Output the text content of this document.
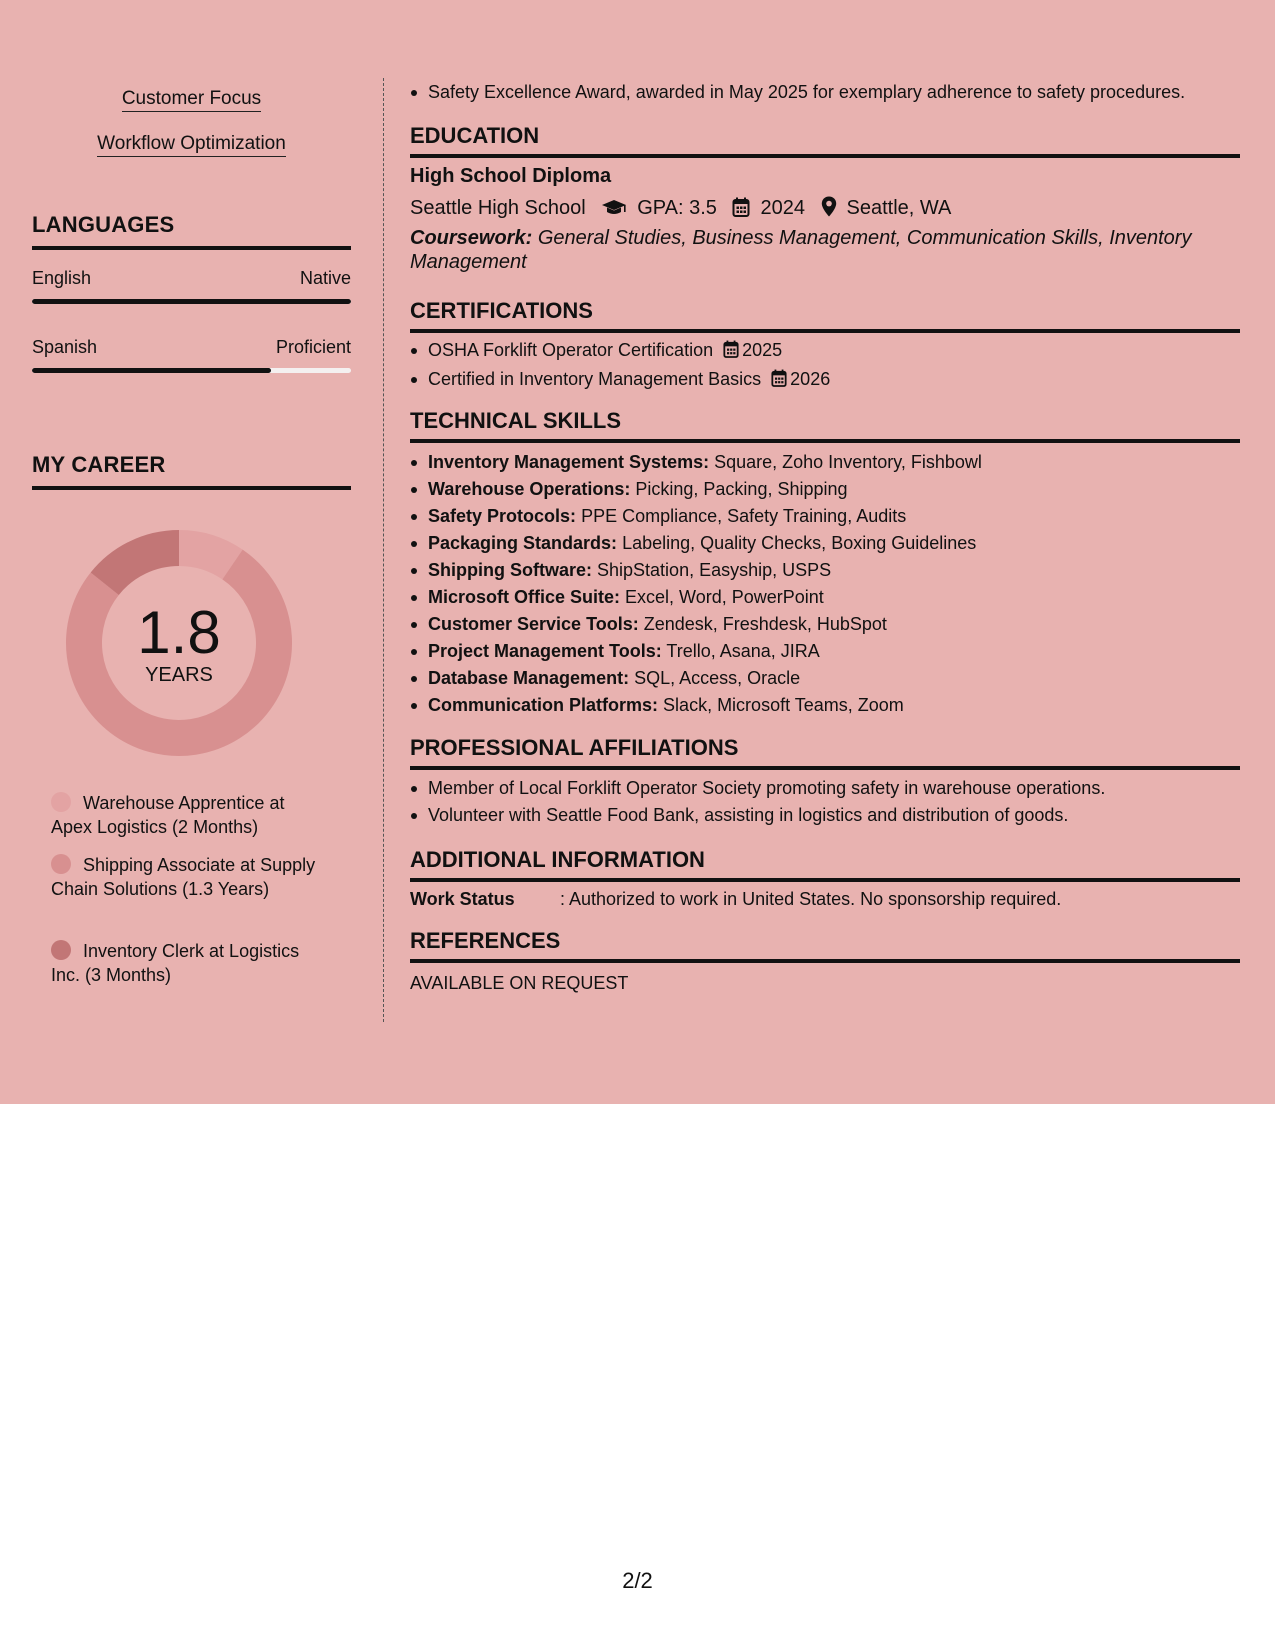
Customer Focus
Workflow Optimization
LANGUAGES
English	Native
Spanish	Proficient
MY CAREER
1.8
YEARS
Warehouse Apprentice at Apex Logistics (2 Months)
Shipping Associate at Supply Chain Solutions (1.3 Years)
Inventory Clerk at Logistics Inc. (3 Months)
Safety Excellence Award, awarded in May 2025 for exemplary adherence to safety procedures.
EDUCATION
High School Diploma
Seattle High School	GPA: 3.5 2024 Seattle, WA
Coursework: General Studies, Business Management, Communication Skills, Inventory Management
CERTIFICATIONS
OSHA Forklift Operator Certification 2025
Certified in Inventory Management Basics 2026
TECHNICAL SKILLS
Inventory Management Systems: Square, Zoho Inventory, Fishbowl
Warehouse Operations: Picking, Packing, Shipping
Safety Protocols: PPE Compliance, Safety Training, Audits
Packaging Standards: Labeling, Quality Checks, Boxing Guidelines
Shipping Software: ShipStation, Easyship, USPS
Microsoft Office Suite: Excel, Word, PowerPoint
Customer Service Tools: Zendesk, Freshdesk, HubSpot
Project Management Tools: Trello, Asana, JIRA
Database Management: SQL, Access, Oracle
Communication Platforms: Slack, Microsoft Teams, Zoom
PROFESSIONAL AFFILIATIONS
Member of Local Forklift Operator Society promoting safety in warehouse operations.
Volunteer with Seattle Food Bank, assisting in logistics and distribution of goods.
ADDITIONAL INFORMATION
Work Status	: Authorized to work in United States. No sponsorship required.
REFERENCES
AVAILABLE ON REQUEST
2/2
